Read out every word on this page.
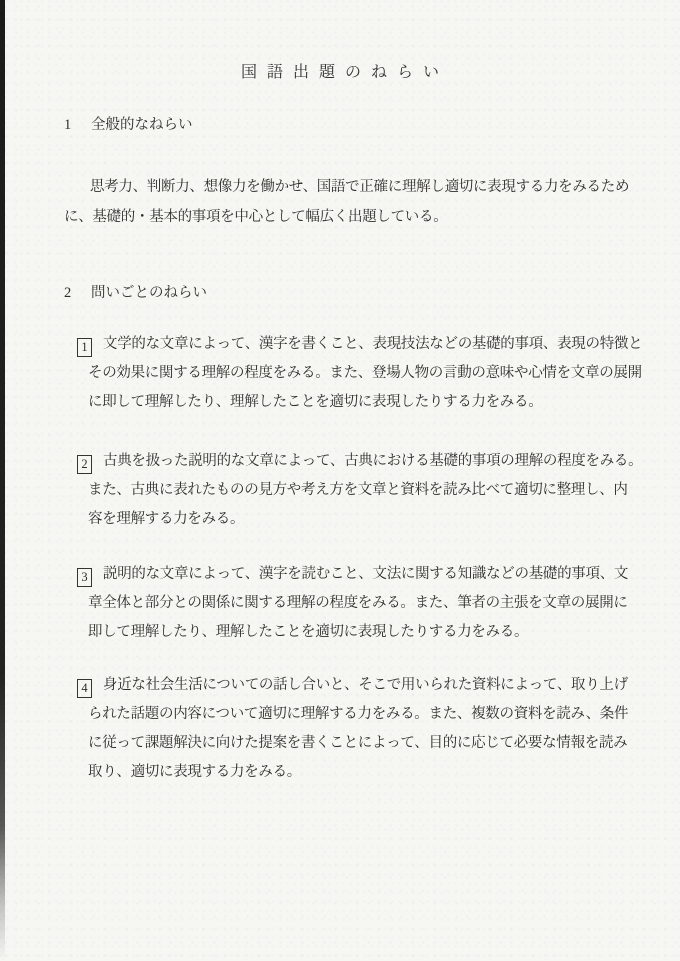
国語出題のねらい
1 全般的なねらい
思考力、判断力、想像力を働かせ、国語で正確に理解し適切に表現する力をみるため
に、基礎的・基本的事項を中心として幅広く出題している。
2 問いごとのねらい
1 文学的な文章によって、漢字を書くこと、表現技法などの基礎的事項、表現の特徴と
その効果に関する理解の程度をみる。また、登場人物の言動の意味や心情を文章の展開
に即して理解したり、理解したことを適切に表現したりする力をみる。
2 古典を扱った説明的な文章によって、古典における基礎的事項の理解の程度をみる。
また、古典に表れたものの見方や考え方を文章と資料を読み比べて適切に整理し、内
容を理解する力をみる。
3 説明的な文章によって、漢字を読むこと、文法に関する知識などの基礎的事項、文
章全体と部分との関係に関する理解の程度をみる。また、筆者の主張を文章の展開に
即して理解したり、理解したことを適切に表現したりする力をみる。
4 身近な社会生活についての話し合いと、そこで用いられた資料によって、取り上げ
られた話題の内容について適切に理解する力をみる。また、複数の資料を読み、条件
に従って課題解決に向けた提案を書くことによって、目的に応じて必要な情報を読み
取り、適切に表現する力をみる。
